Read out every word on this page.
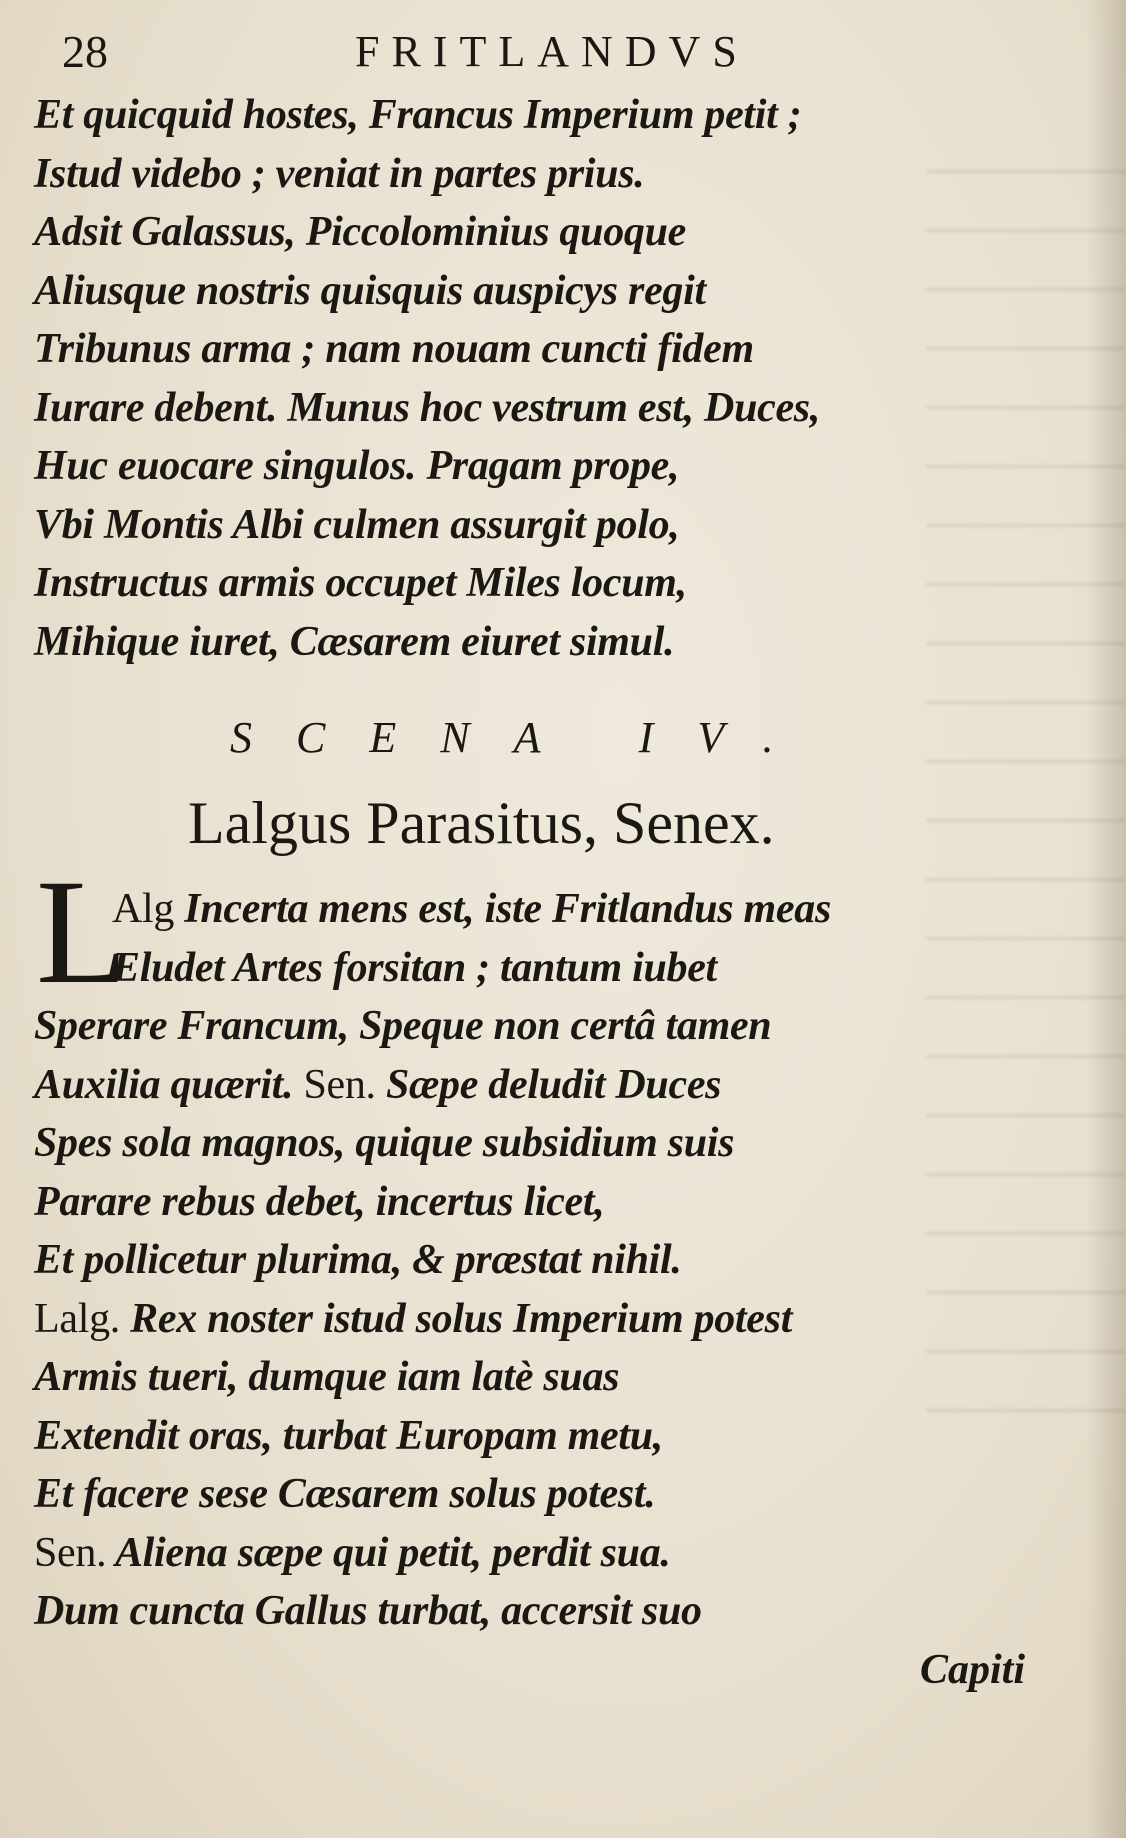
28	FRITLANDVS
Et quicquid hostes, Francus Imperium petit ;
Istud videbo ; veniat in partes prius.
Adsit Galassus, Piccolominius quoque
Aliusque nostris quisquis auspicys regit
Tribunus arma ; nam nouam cuncti fidem
Iurare debent. Munus hoc vestrum est, Duces,
Huc euocare singulos. Pragam prope,
Vbi Montis Albi culmen assurgit polo,
Instructus armis occupet Miles locum,
Mihique iuret, Cæsarem eiuret simul.
SCENA IV.
Lalgus Parasitus, Senex.
L
Alg Incerta mens est, iste Fritlandus meas
Eludet Artes forsitan ; tantum iubet
Sperare Francum, Speque non certâ tamen
Auxilia quærit. Sen. Sæpe deludit Duces
Spes sola magnos, quique subsidium suis
Parare rebus debet, incertus licet,
Et pollicetur plurima, & præstat nihil.
Lalg. Rex noster istud solus Imperium potest
Armis tueri, dumque iam latè suas
Extendit oras, turbat Europam metu,
Et facere sese Cæsarem solus potest.
Sen. Aliena sæpe qui petit, perdit sua.
Dum cuncta Gallus turbat, accersit suo
Capiti
